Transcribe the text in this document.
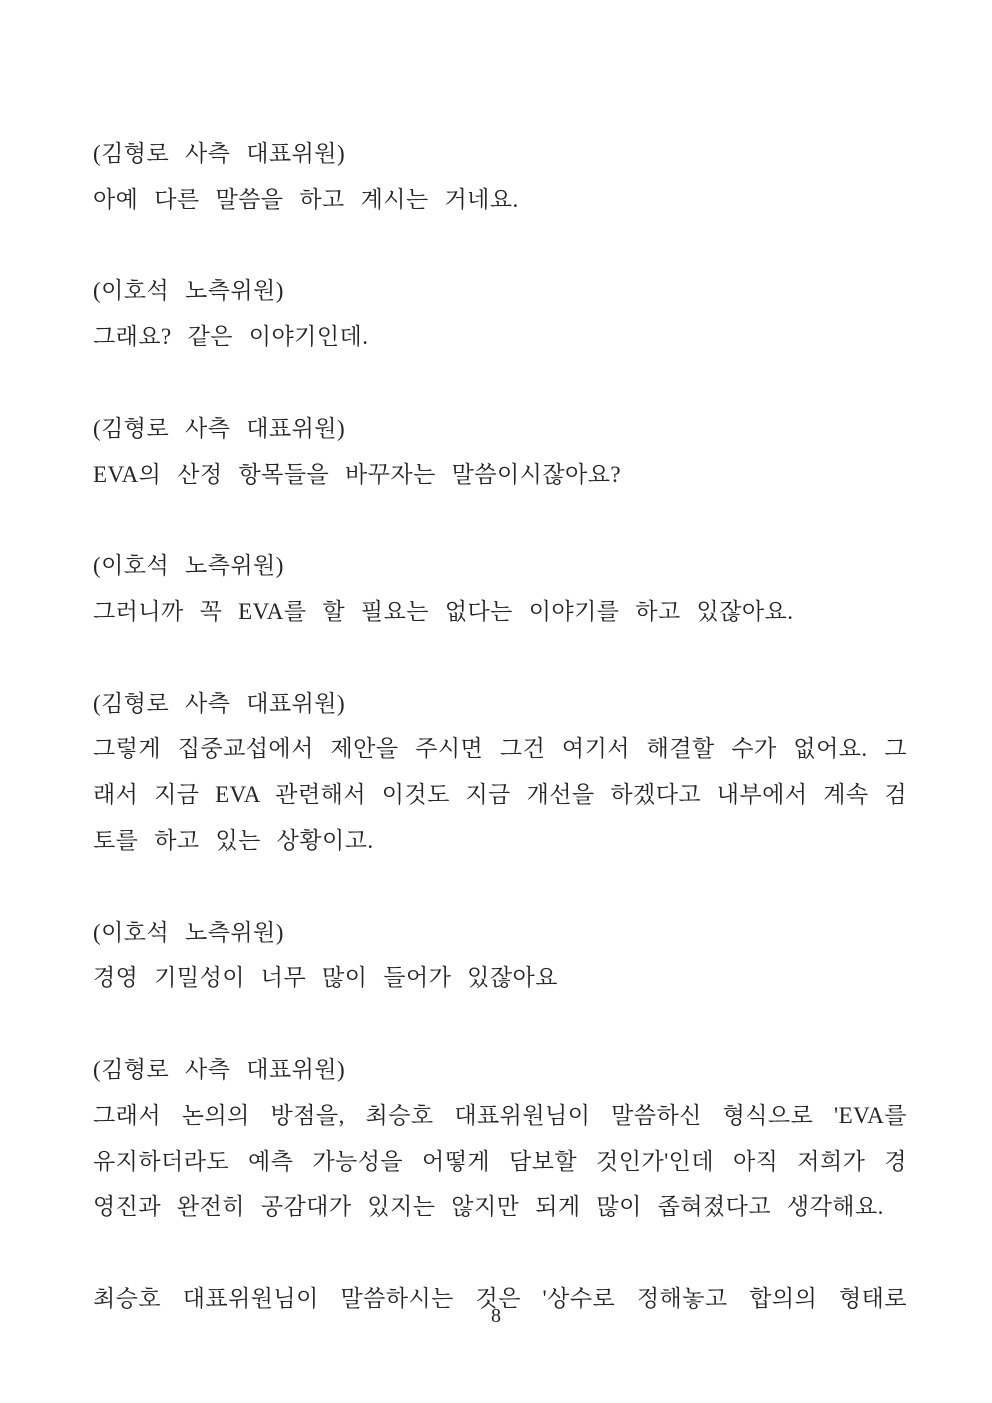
(김형로 사측 대표위원)
아예 다른 말씀을 하고 계시는 거네요.
(이호석 노측위원)
그래요? 같은 이야기인데.
(김형로 사측 대표위원)
EVA의 산정 항목들을 바꾸자는 말씀이시잖아요?
(이호석 노측위원)
그러니까 꼭 EVA를 할 필요는 없다는 이야기를 하고 있잖아요.
(김형로 사측 대표위원)
그렇게 집중교섭에서 제안을 주시면 그건 여기서 해결할 수가 없어요. 그
래서 지금 EVA 관련해서 이것도 지금 개선을 하겠다고 내부에서 계속 검
토를 하고 있는 상황이고.
(이호석 노측위원)
경영 기밀성이 너무 많이 들어가 있잖아요
(김형로 사측 대표위원)
그래서 논의의 방점을, 최승호 대표위원님이 말씀하신 형식으로 'EVA를
유지하더라도 예측 가능성을 어떻게 담보할 것인가'인데 아직 저희가 경
영진과 완전히 공감대가 있지는 않지만 되게 많이 좁혀졌다고 생각해요.
최승호 대표위원님이 말씀하시는 것은 '상수로 정해놓고 합의의 형태로
8
